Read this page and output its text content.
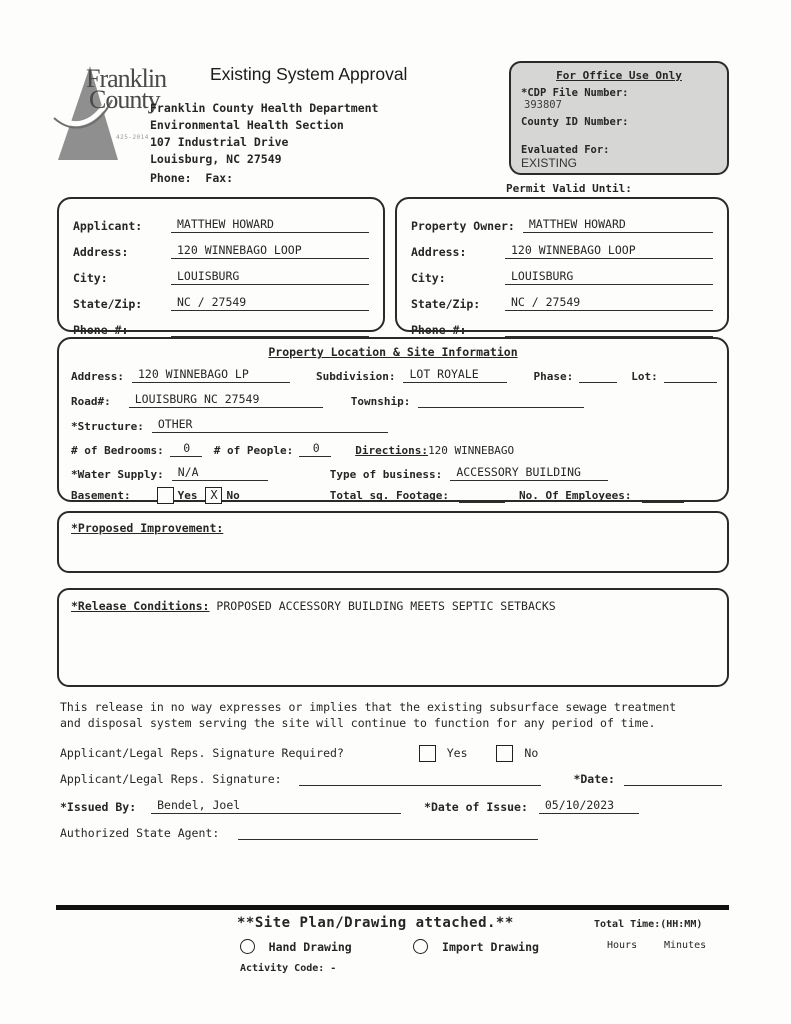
Franklin
County
425-2014
Existing System Approval
Franklin County Health Department
Environmental Health Section
107 Industrial Drive
Louisburg, NC 27549
Phone: Fax:
For Office Use Only
*CDP File Number:
393807
County ID Number:
Evaluated For:
EXISTING
Permit Valid Until:
Applicant:	MATTHEW HOWARD
Address:	120 WINNEBAGO LOOP
City:	LOUISBURG
State/Zip:	NC / 27549
Phone #:
Property Owner:	MATTHEW HOWARD
Address:	120 WINNEBAGO LOOP
City:	LOUISBURG
State/Zip:	NC / 27549
Phone #:
Property Location & Site Information
Address:	120 WINNEBAGO LP	Subdivision:	LOT ROYALE	Phase:	Lot:
Road#:	LOUISBURG NC 27549	Township:
*Structure:	OTHER
# of Bedrooms:	0	# of People:	0	Directions: 120 WINNEBAGO
*Water Supply:	N/A	Type of business:	ACCESSORY BUILDING
Basement:	Yes	X No	Total sq. Footage:	No. Of Employees:
*Proposed Improvement:
*Release Conditions: PROPOSED ACCESSORY BUILDING MEETS SEPTIC SETBACKS
This release in no way expresses or implies that the existing subsurface sewage treatment
and disposal system serving the site will continue to function for any period of time.
Applicant/Legal Reps. Signature Required?	Yes	No
Applicant/Legal Reps. Signature:	*Date:
*Issued By: Bendel, Joel	*Date of Issue: 05/10/2023
Authorized State Agent:
**Site Plan/Drawing attached.**	Total Time:(HH:MM)
Hand Drawing	Import Drawing	Hours	Minutes
Activity Code: -
